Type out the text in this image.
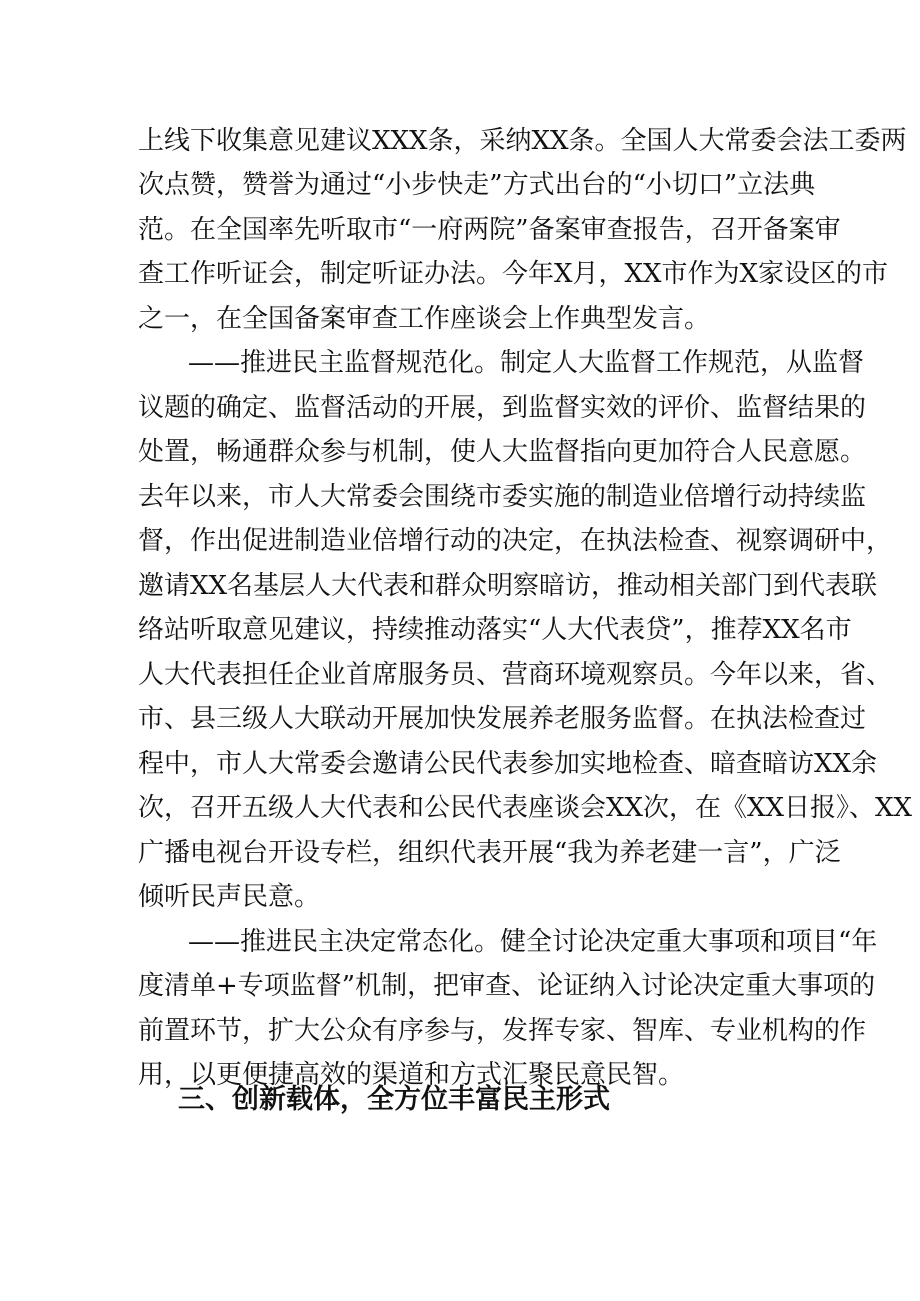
上线下收集意见建议XXX条，采纳XX条。全国人大常委会法工委两
次点赞，赞誉为通过“小步快走”方式出台的“小切口”立法典
范。在全国率先听取市“一府两院”备案审查报告，召开备案审
查工作听证会，制定听证办法。今年X月，XX市作为X家设区的市
之一，在全国备案审查工作座谈会上作典型发言。
——推进民主监督规范化。制定人大监督工作规范，从监督
议题的确定、监督活动的开展，到监督实效的评价、监督结果的
处置，畅通群众参与机制，使人大监督指向更加符合人民意愿。
去年以来，市人大常委会围绕市委实施的制造业倍增行动持续监
督，作出促进制造业倍增行动的决定，在执法检查、视察调研中，
邀请XX名基层人大代表和群众明察暗访，推动相关部门到代表联
络站听取意见建议，持续推动落实“人大代表贷”，推荐XX名市
人大代表担任企业首席服务员、营商环境观察员。今年以来，省、
市、县三级人大联动开展加快发展养老服务监督。在执法检查过
程中，市人大常委会邀请公民代表参加实地检查、暗查暗访XX余
次，召开五级人大代表和公民代表座谈会XX次，在《XX日报》、XX
广播电视台开设专栏，组织代表开展“我为养老建一言”，广泛
倾听民声民意。
——推进民主决定常态化。健全讨论决定重大事项和项目“年
度清单+专项监督”机制，把审查、论证纳入讨论决定重大事项的
前置环节，扩大公众有序参与，发挥专家、智库、专业机构的作
用，以更便捷高效的渠道和方式汇聚民意民智。
三、创新载体，全方位丰富民主形式
